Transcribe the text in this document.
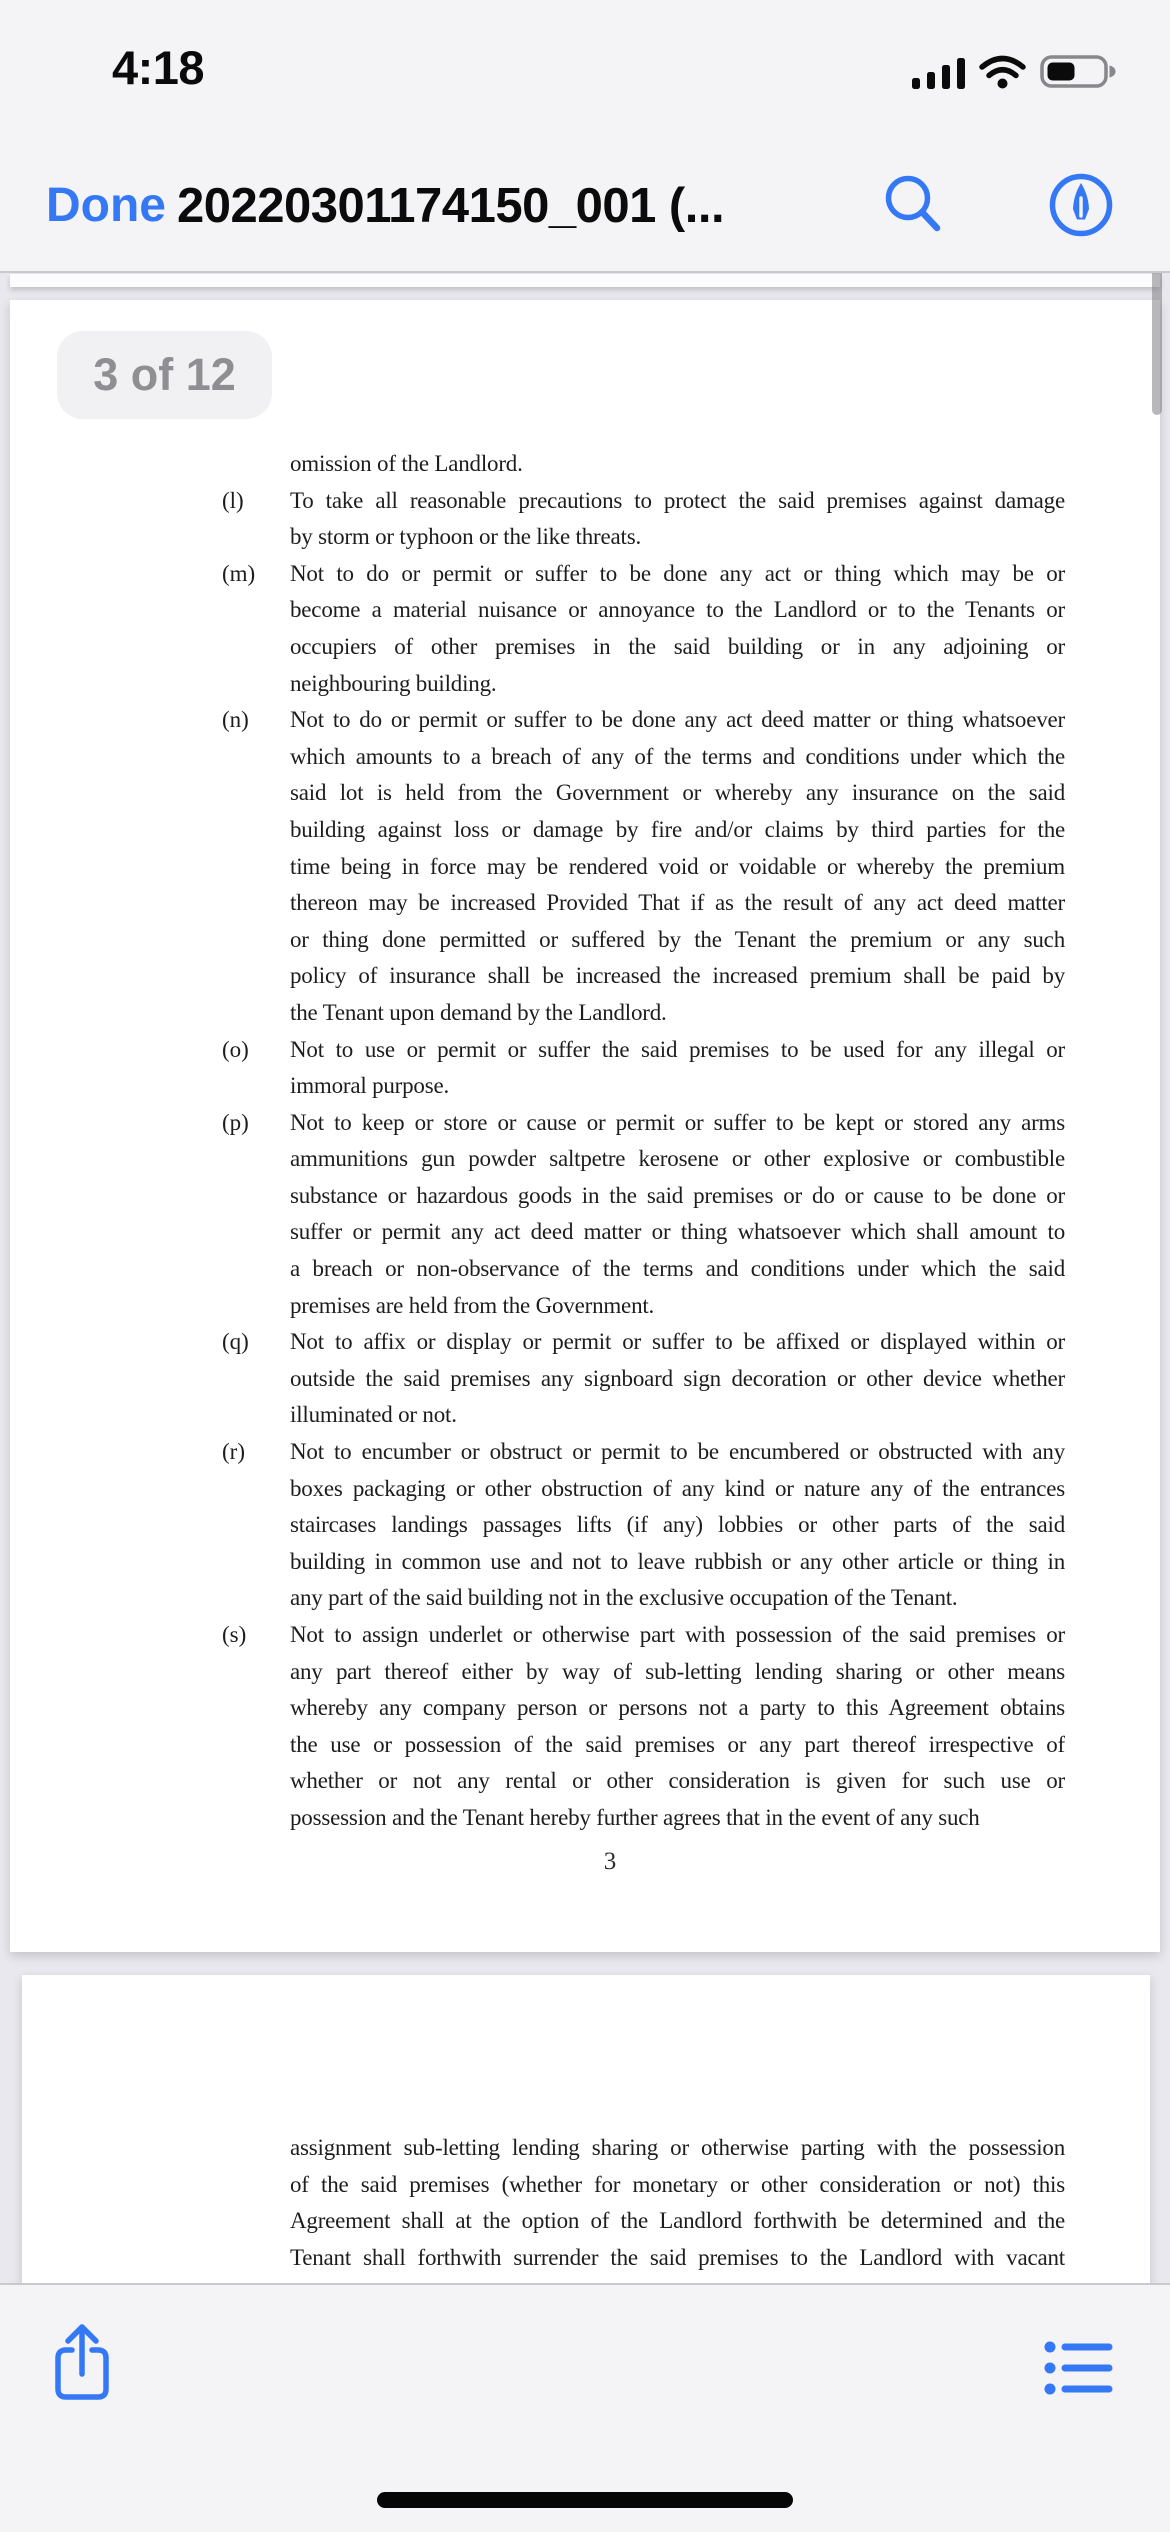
4:18
Done 20220301174150_001 (...
3 of 12
omission of the Landlord.
(l)	To take all reasonable precautions to protect the said premises against damage
by storm or typhoon or the like threats.
(m)	Not to do or permit or suffer to be done any act or thing which may be or
become a material nuisance or annoyance to the Landlord or to the Tenants or
occupiers of other premises in the said building or in any adjoining or
neighbouring building.
(n)	Not to do or permit or suffer to be done any act deed matter or thing whatsoever
which amounts to a breach of any of the terms and conditions under which the
said lot is held from the Government or whereby any insurance on the said
building against loss or damage by fire and/or claims by third parties for the
time being in force may be rendered void or voidable or whereby the premium
thereon may be increased Provided That if as the result of any act deed matter
or thing done permitted or suffered by the Tenant the premium or any such
policy of insurance shall be increased the increased premium shall be paid by
the Tenant upon demand by the Landlord.
(o)	Not to use or permit or suffer the said premises to be used for any illegal or
immoral purpose.
(p)	Not to keep or store or cause or permit or suffer to be kept or stored any arms
ammunitions gun powder saltpetre kerosene or other explosive or combustible
substance or hazardous goods in the said premises or do or cause to be done or
suffer or permit any act deed matter or thing whatsoever which shall amount to
a breach or non-observance of the terms and conditions under which the said
premises are held from the Government.
(q)	Not to affix or display or permit or suffer to be affixed or displayed within or
outside the said premises any signboard sign decoration or other device whether
illuminated or not.
(r)	Not to encumber or obstruct or permit to be encumbered or obstructed with any
boxes packaging or other obstruction of any kind or nature any of the entrances
staircases landings passages lifts (if any) lobbies or other parts of the said
building in common use and not to leave rubbish or any other article or thing in
any part of the said building not in the exclusive occupation of the Tenant.
(s)	Not to assign underlet or otherwise part with possession of the said premises or
any part thereof either by way of sub-letting lending sharing or other means
whereby any company person or persons not a party to this Agreement obtains
the use or possession of the said premises or any part thereof irrespective of
whether or not any rental or other consideration is given for such use or
possession and the Tenant hereby further agrees that in the event of any such
3
assignment sub-letting lending sharing or otherwise parting with the possession
of the said premises (whether for monetary or other consideration or not) this
Agreement shall at the option of the Landlord forthwith be determined and the
Tenant shall forthwith surrender the said premises to the Landlord with vacant
